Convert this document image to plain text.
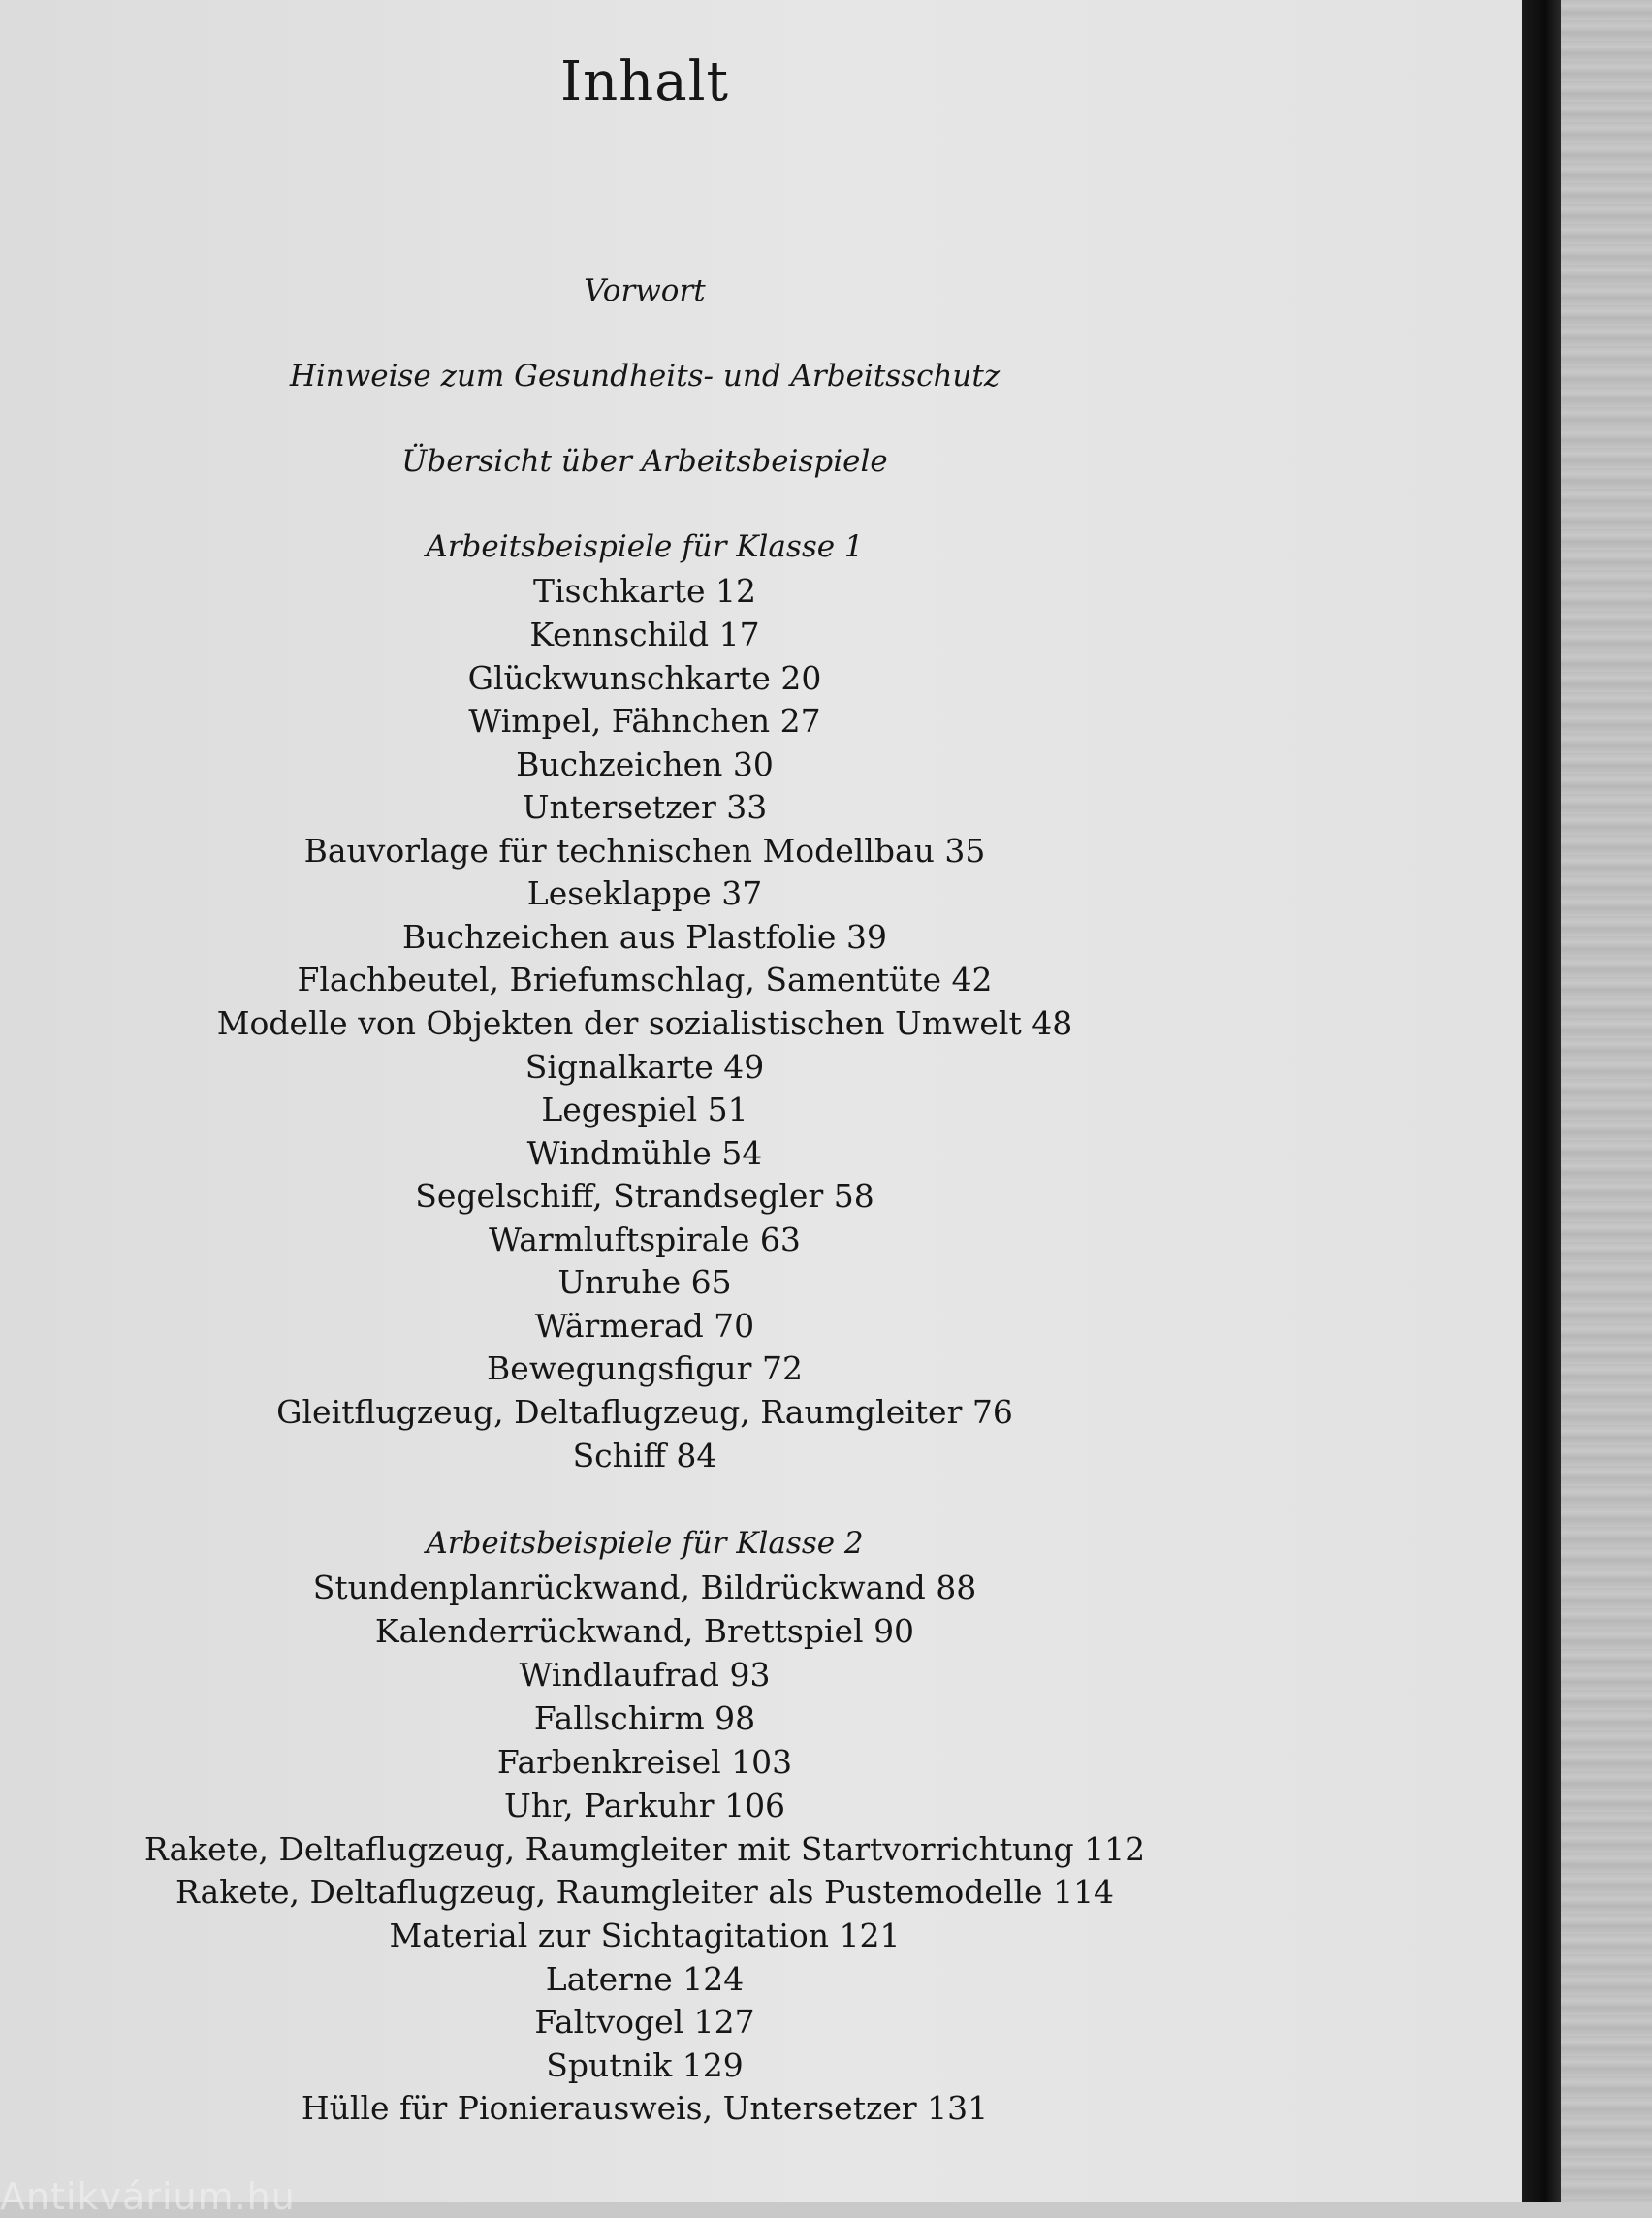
Inhalt
Vorwort
Hinweise zum Gesundheits- und Arbeitsschutz
Übersicht über Arbeitsbeispiele
Arbeitsbeispiele für Klasse 1
Tischkarte 12
Kennschild 17
Glückwunschkarte 20
Wimpel, Fähnchen 27
Buchzeichen 30
Untersetzer 33
Bauvorlage für technischen Modellbau 35
Leseklappe 37
Buchzeichen aus Plastfolie 39
Flachbeutel, Briefumschlag, Samentüte 42
Modelle von Objekten der sozialistischen Umwelt 48
Signalkarte 49
Legespiel 51
Windmühle 54
Segelschiff, Strandsegler 58
Warmluftspirale 63
Unruhe 65
Wärmerad 70
Bewegungsfigur 72
Gleitflugzeug, Deltaflugzeug, Raumgleiter 76
Schiff 84
Arbeitsbeispiele für Klasse 2
Stundenplanrückwand, Bildrückwand 88
Kalenderrückwand, Brettspiel 90
Windlaufrad 93
Fallschirm 98
Farbenkreisel 103
Uhr, Parkuhr 106
Rakete, Deltaflugzeug, Raumgleiter mit Startvorrichtung 112
Rakete, Deltaflugzeug, Raumgleiter als Pustemodelle 114
Material zur Sichtagitation 121
Laterne 124
Faltvogel 127
Sputnik 129
Hülle für Pionierausweis, Untersetzer 131
Antikvárium.hu
